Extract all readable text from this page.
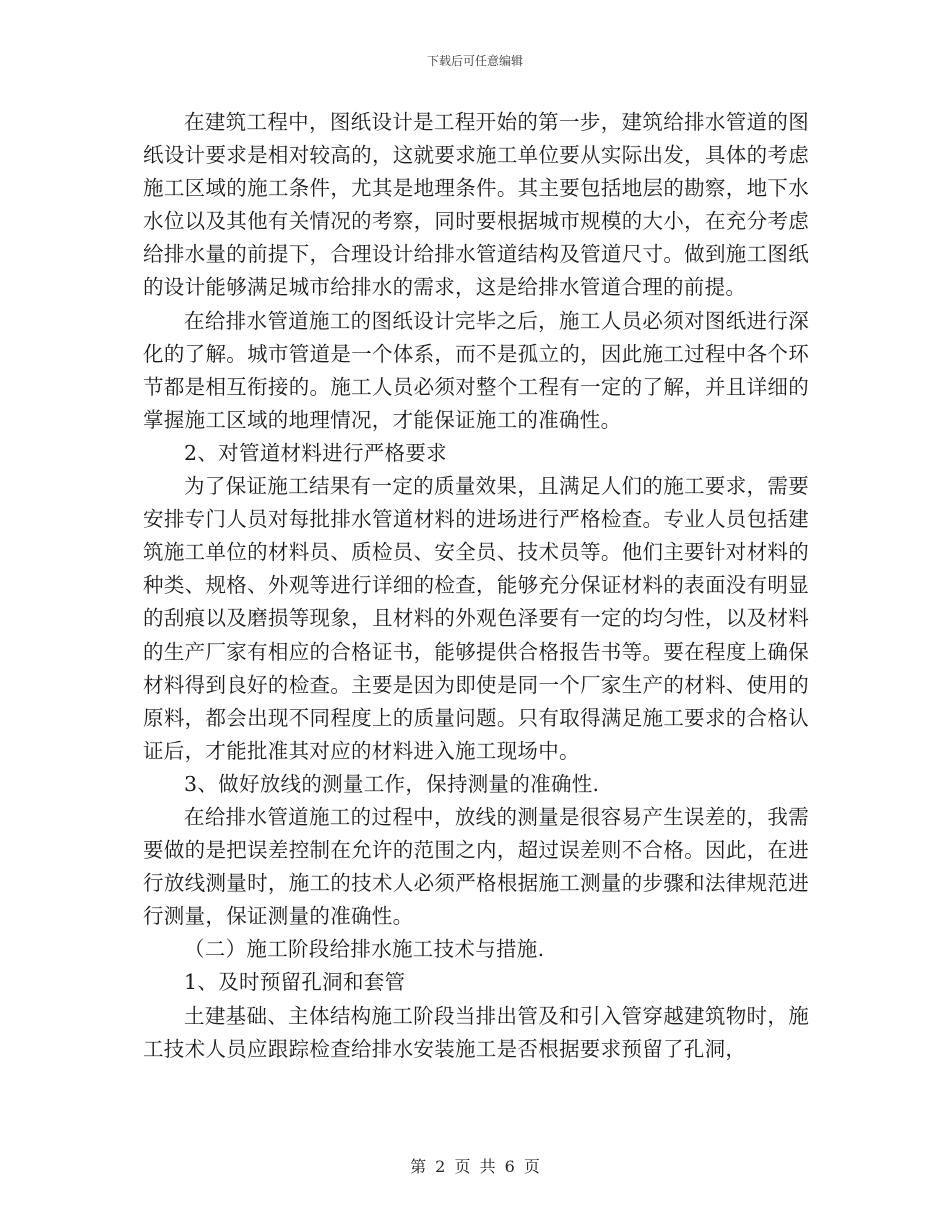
下载后可任意编辑

在建筑工程中，图纸设计是工程开始的第一步，建筑给排水管道的图纸设计要求是相对较高的，这就要求施工单位要从实际出发，具体的考虑施工区域的施工条件，尤其是地理条件。其主要包括地层的勘察，地下水水位以及其他有关情况的考察，同时要根据城市规模的大小，在充分考虑给排水量的前提下，合理设计给排水管道结构及管道尺寸。做到施工图纸的设计能够满足城市给排水的需求，这是给排水管道合理的前提。

在给排水管道施工的图纸设计完毕之后，施工人员必须对图纸进行深化的了解。城市管道是一个体系，而不是孤立的，因此施工过程中各个环节都是相互衔接的。施工人员必须对整个工程有一定的了解，并且详细的掌握施工区域的地理情况，才能保证施工的准确性。

2、对管道材料进行严格要求

为了保证施工结果有一定的质量效果，且满足人们的施工要求，需要安排专门人员对每批排水管道材料的进场进行严格检查。专业人员包括建筑施工单位的材料员、质检员、安全员、技术员等。他们主要针对材料的种类、规格、外观等进行详细的检查，能够充分保证材料的表面没有明显的刮痕以及磨损等现象，且材料的外观色泽要有一定的均匀性，以及材料的生产厂家有相应的合格证书，能够提供合格报告书等。要在程度上确保材料得到良好的检查。主要是因为即使是同一个厂家生产的材料、使用的原料，都会出现不同程度上的质量问题。只有取得满足施工要求的合格认证后，才能批准其对应的材料进入施工现场中。

3、做好放线的测量工作，保持测量的准确性.

在给排水管道施工的过程中，放线的测量是很容易产生误差的，我需要做的是把误差控制在允许的范围之内，超过误差则不合格。因此，在进行放线测量时，施工的技术人必须严格根据施工测量的步骤和法律规范进行测量，保证测量的准确性。

（二）施工阶段给排水施工技术与措施.

1、及时预留孔洞和套管

土建基础、主体结构施工阶段当排出管及和引入管穿越建筑物时，施工技术人员应跟踪检查给排水安装施工是否根据要求预留了孔洞，

第 2 页 共 6 页
